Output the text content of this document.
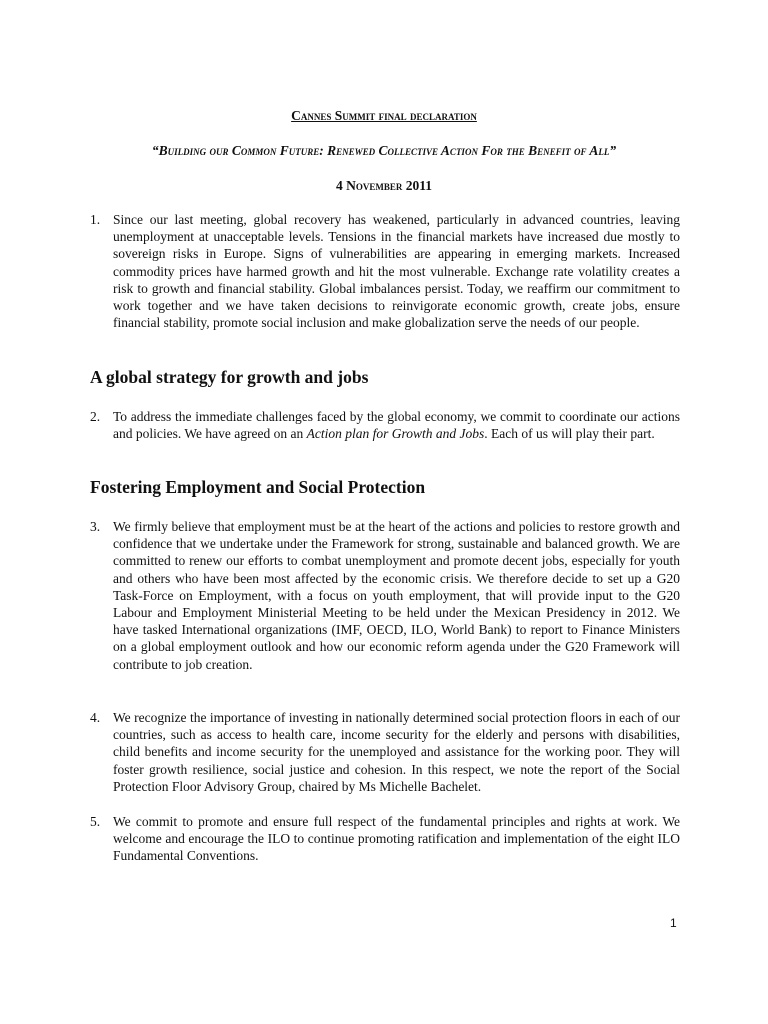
Cannes Summit final declaration
“Building our Common Future: Renewed Collective Action For the Benefit of All”
4 November 2011
1. Since our last meeting, global recovery has weakened, particularly in advanced countries, leaving unemployment at unacceptable levels. Tensions in the financial markets have increased due mostly to sovereign risks in Europe. Signs of vulnerabilities are appearing in emerging markets. Increased commodity prices have harmed growth and hit the most vulnerable. Exchange rate volatility creates a risk to growth and financial stability. Global imbalances persist. Today, we reaffirm our commitment to work together and we have taken decisions to reinvigorate economic growth, create jobs, ensure financial stability, promote social inclusion and make globalization serve the needs of our people.
A global strategy for growth and jobs
2. To address the immediate challenges faced by the global economy, we commit to coordinate our actions and policies. We have agreed on an Action plan for Growth and Jobs. Each of us will play their part.
Fostering Employment and Social Protection
3. We firmly believe that employment must be at the heart of the actions and policies to restore growth and confidence that we undertake under the Framework for strong, sustainable and balanced growth. We are committed to renew our efforts to combat unemployment and promote decent jobs, especially for youth and others who have been most affected by the economic crisis. We therefore decide to set up a G20 Task-Force on Employment, with a focus on youth employment, that will provide input to the G20 Labour and Employment Ministerial Meeting to be held under the Mexican Presidency in 2012. We have tasked International organizations (IMF, OECD, ILO, World Bank) to report to Finance Ministers on a global employment outlook and how our economic reform agenda under the G20 Framework will contribute to job creation.
4. We recognize the importance of investing in nationally determined social protection floors in each of our countries, such as access to health care, income security for the elderly and persons with disabilities, child benefits and income security for the unemployed and assistance for the working poor. They will foster growth resilience, social justice and cohesion. In this respect, we note the report of the Social Protection Floor Advisory Group, chaired by Ms Michelle Bachelet.
5. We commit to promote and ensure full respect of the fundamental principles and rights at work. We welcome and encourage the ILO to continue promoting ratification and implementation of the eight ILO Fundamental Conventions.
1
